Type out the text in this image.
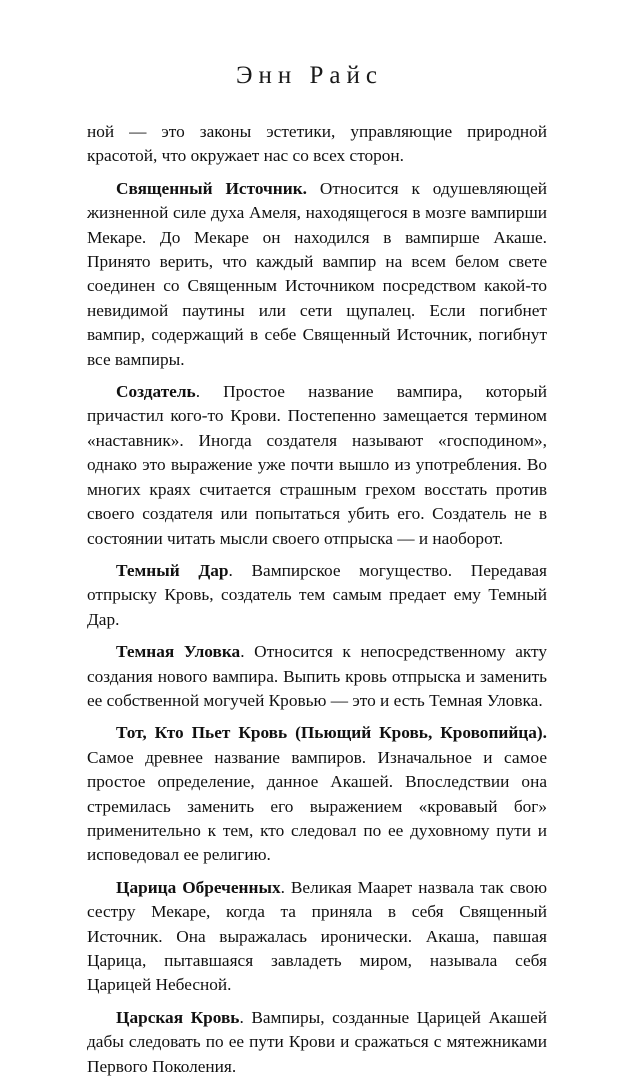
Энн Райс

ной — это законы эстетики, управляющие природной красотой, что окружает нас со всех сторон.

Священный Источник. Относится к одушевляющей жизненной силе духа Амеля, находящегося в мозге вампирши Мекаре. До Мекаре он находился в вампирше Акаше. Принято верить, что каждый вампир на всем белом свете соединен со Священным Источником посредством какой-то невидимой паутины или сети щупалец. Если погибнет вампир, содержащий в себе Священный Источник, погибнут все вампиры.

Создатель. Простое название вампира, который причастил кого-то Крови. Постепенно замещается термином «наставник». Иногда создателя называют «господином», однако это выражение уже почти вышло из употребления. Во многих краях считается страшным грехом восстать против своего создателя или попытаться убить его. Создатель не в состоянии читать мысли своего отпрыска — и наоборот.

Темный Дар. Вампирское могущество. Передавая отпрыску Кровь, создатель тем самым предает ему Темный Дар.

Темная Уловка. Относится к непосредственному акту создания нового вампира. Выпить кровь отпрыска и заменить ее собственной могучей Кровью — это и есть Темная Уловка.

Тот, Кто Пьет Кровь (Пьющий Кровь, Кровопийца). Самое древнее название вампиров. Изначальное и самое простое определение, данное Акашей. Впоследствии она стремилась заменить его выражением «кровавый бог» применительно к тем, кто следовал по ее духовному пути и исповедовал ее религию.

Царица Обреченных. Великая Маарет назвала так свою сестру Мекаре, когда та приняла в себя Священный Источник. Она выражалась иронически. Акаша, павшая Царица, пытавшаяся завладеть миром, называла себя Царицей Небесной.

Царская Кровь. Вампиры, созданные Царицей Акашей дабы следовать по ее пути Крови и сражаться с мятежниками Первого Поколения.
